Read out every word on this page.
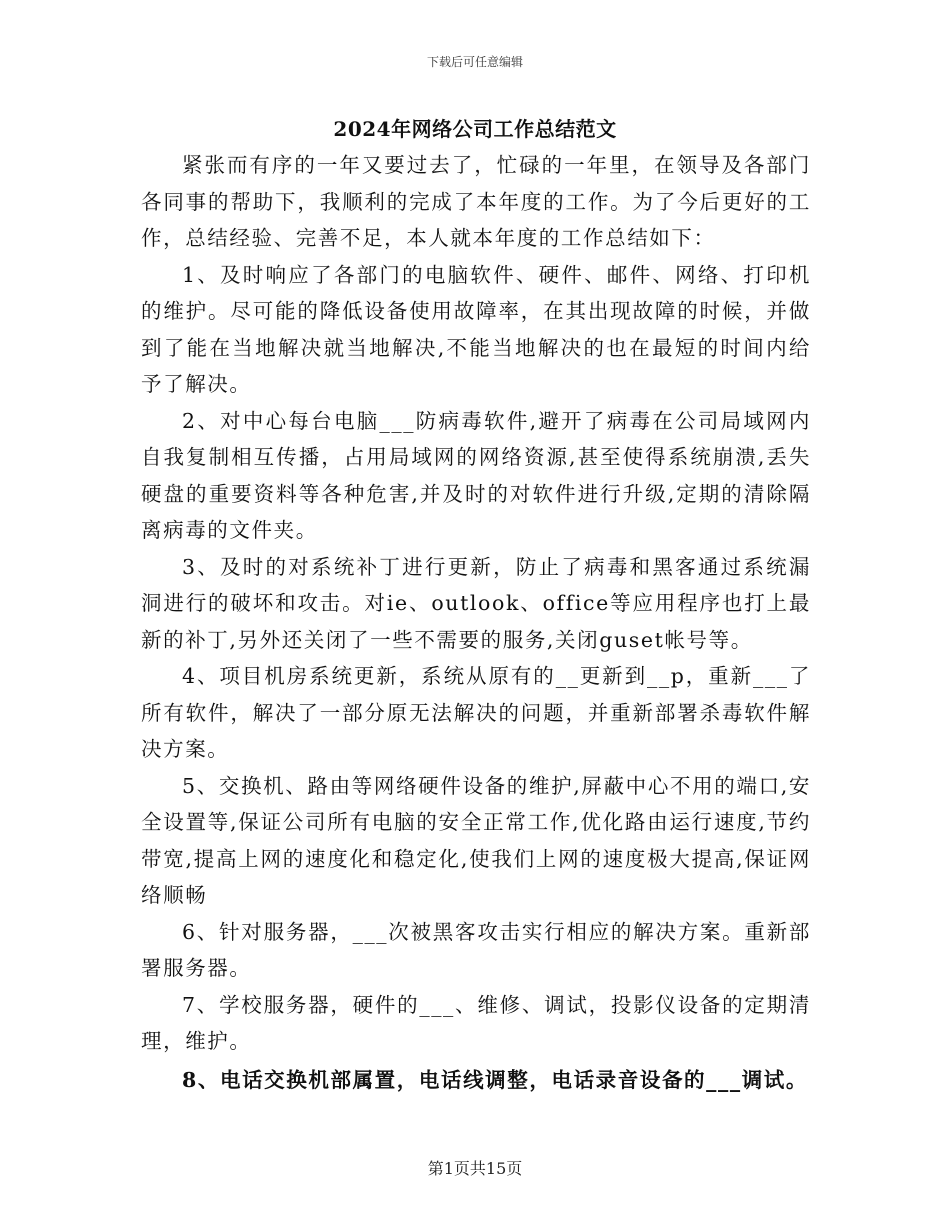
下载后可任意编辑
2024年网络公司工作总结范文

紧张而有序的一年又要过去了，忙碌的一年里，在领导及各部门各同事的帮助下，我顺利的完成了本年度的工作。为了今后更好的工作，总结经验、完善不足，本人就本年度的工作总结如下：

1、及时响应了各部门的电脑软件、硬件、邮件、网络、打印机的维护。尽可能的降低设备使用故障率，在其出现故障的时候，并做到了能在当地解决就当地解决,不能当地解决的也在最短的时间内给予了解决。

2、对中心每台电脑___防病毒软件,避开了病毒在公司局域网内自我复制相互传播，占用局域网的网络资源,甚至使得系统崩溃,丢失硬盘的重要资料等各种危害,并及时的对软件进行升级,定期的清除隔离病毒的文件夹。

3、及时的对系统补丁进行更新，防止了病毒和黑客通过系统漏洞进行的破坏和攻击。对ie、outlook、office等应用程序也打上最新的补丁,另外还关闭了一些不需要的服务,关闭guset帐号等。

4、项目机房系统更新，系统从原有的__更新到__p，重新___了所有软件，解决了一部分原无法解决的问题，并重新部署杀毒软件解决方案。

5、交换机、路由等网络硬件设备的维护,屏蔽中心不用的端口,安全设置等,保证公司所有电脑的安全正常工作,优化路由运行速度,节约带宽,提高上网的速度化和稳定化,使我们上网的速度极大提高,保证网络顺畅

6、针对服务器，___次被黑客攻击实行相应的解决方案。重新部署服务器。

7、学校服务器，硬件的___、维修、调试，投影仪设备的定期清理，维护。

8、电话交换机部属置，电话线调整，电话录音设备的___调试。

第1页共15页
